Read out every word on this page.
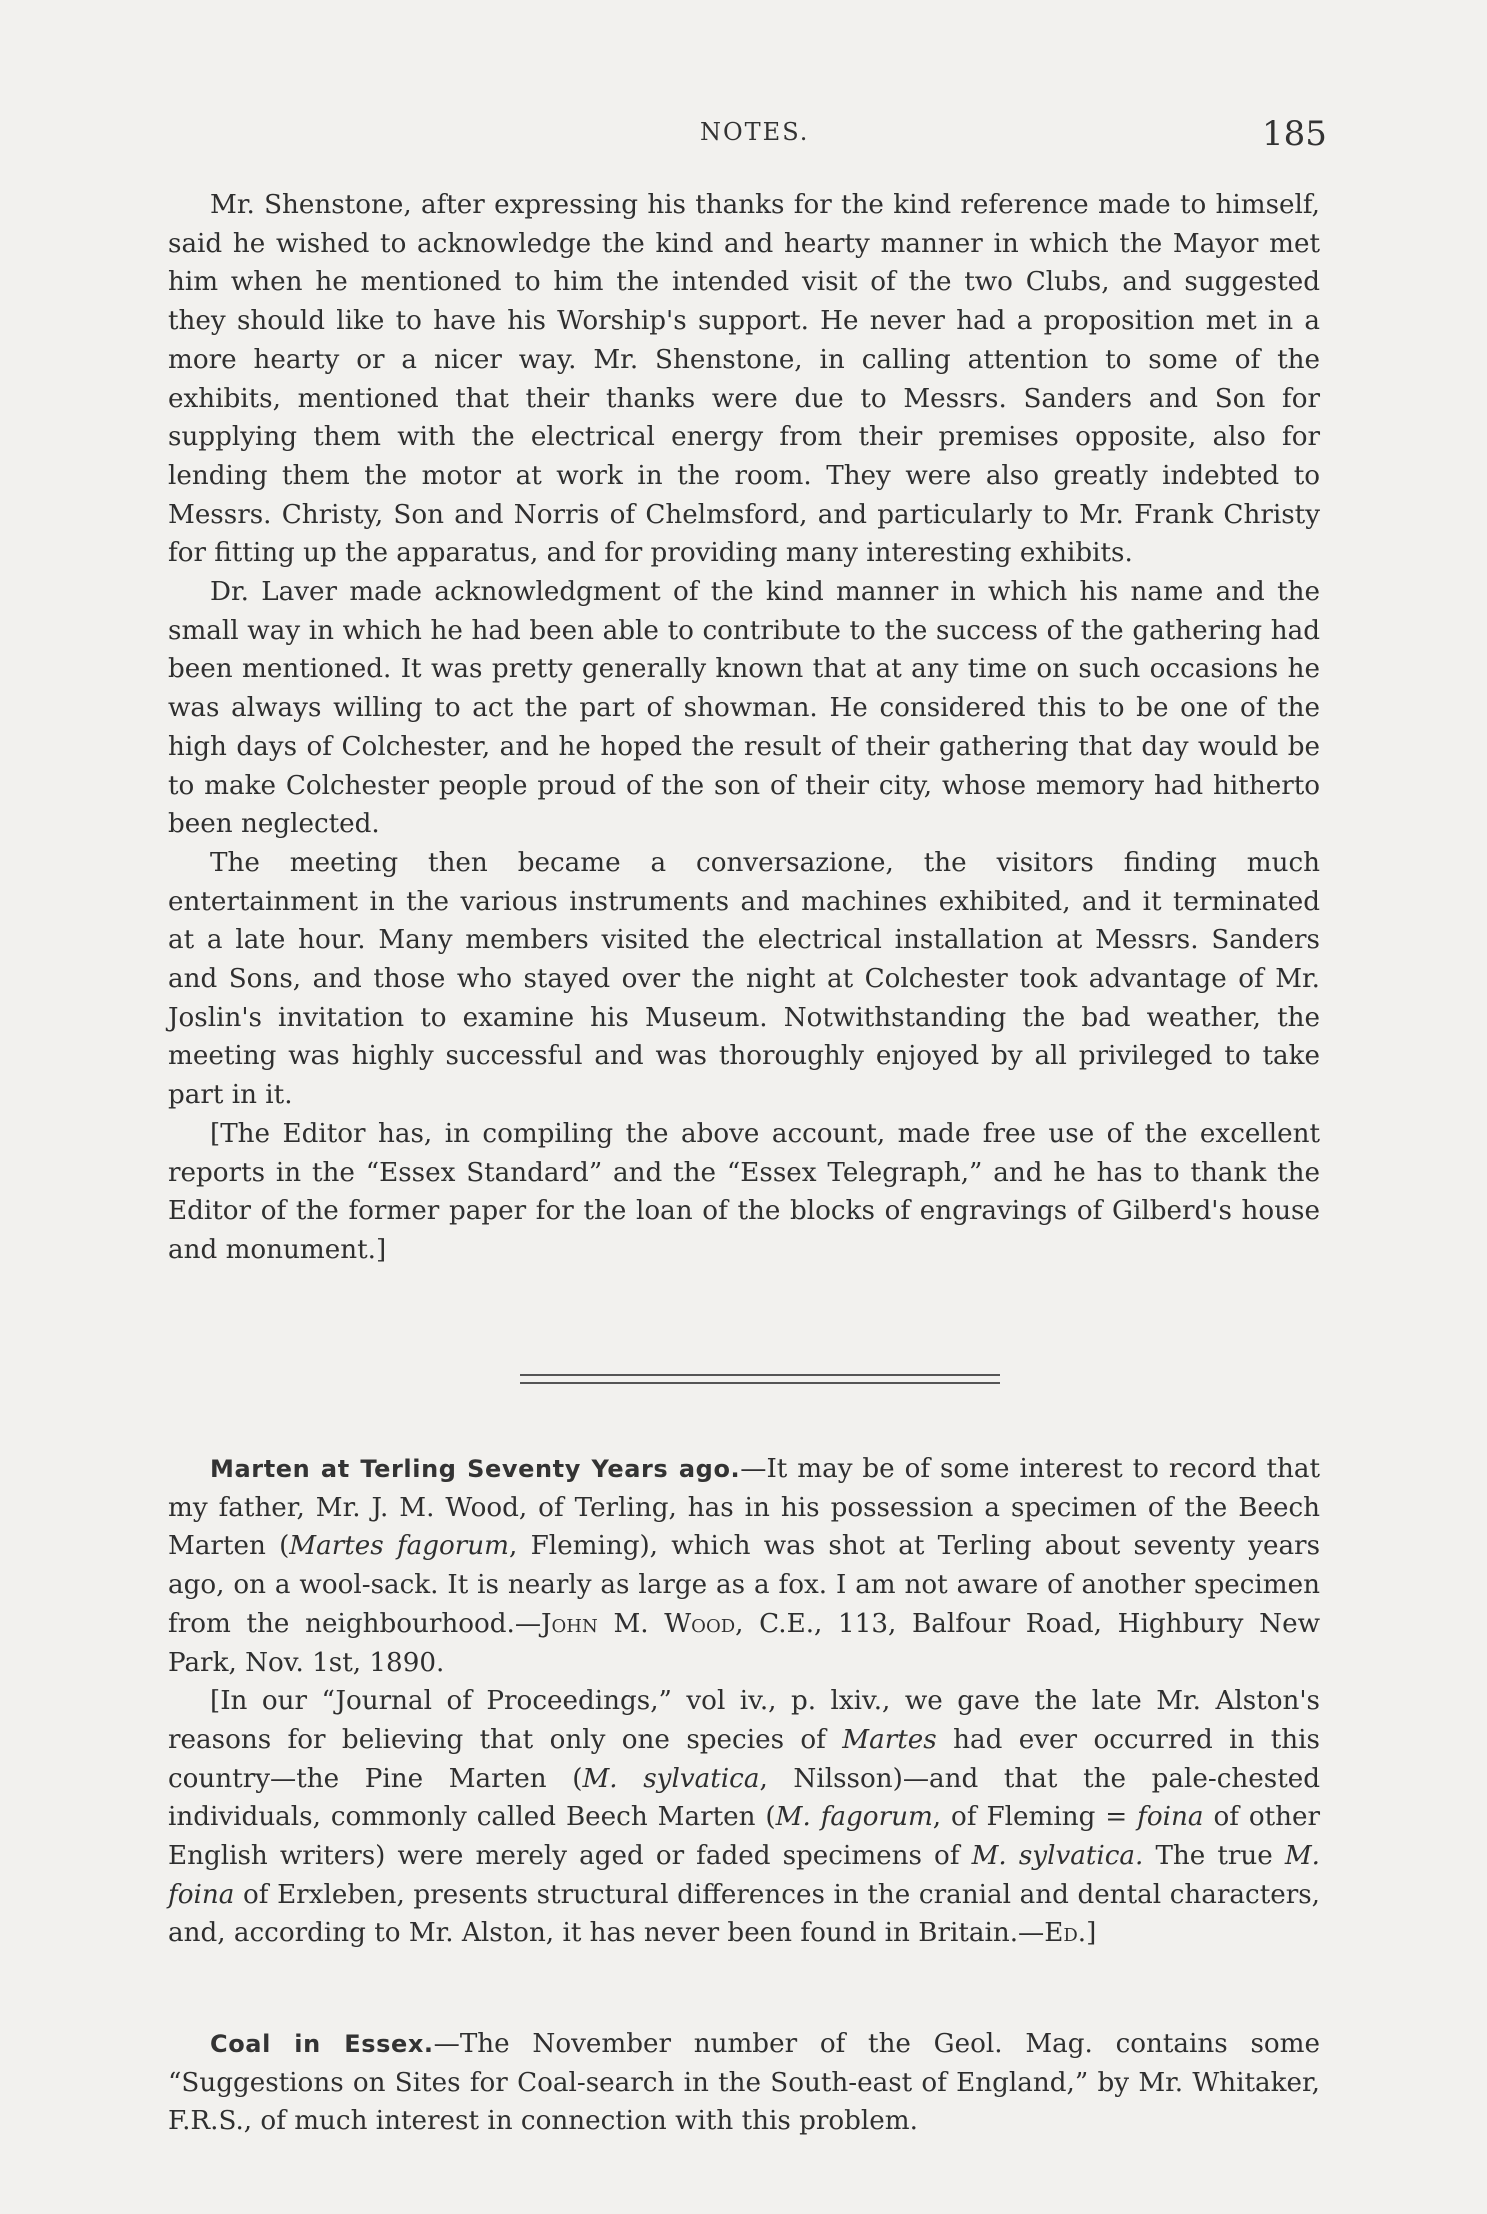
NOTES.	185

Mr. Shenstone, after expressing his thanks for the kind reference made to himself, said he wished to acknowledge the kind and hearty manner in which the Mayor met him when he mentioned to him the intended visit of the two Clubs, and suggested they should like to have his Worship's support. He never had a proposition met in a more hearty or a nicer way. Mr. Shenstone, in calling attention to some of the exhibits, mentioned that their thanks were due to Messrs. Sanders and Son for supplying them with the electrical energy from their premises opposite, also for lending them the motor at work in the room. They were also greatly indebted to Messrs. Christy, Son and Norris of Chelmsford, and particularly to Mr. Frank Christy for fitting up the apparatus, and for providing many interesting exhibits.

Dr. Laver made acknowledgment of the kind manner in which his name and the small way in which he had been able to contribute to the success of the gathering had been mentioned. It was pretty generally known that at any time on such occasions he was always willing to act the part of showman. He considered this to be one of the high days of Colchester, and he hoped the result of their gathering that day would be to make Colchester people proud of the son of their city, whose memory had hitherto been neglected.

The meeting then became a conversazione, the visitors finding much entertainment in the various instruments and machines exhibited, and it terminated at a late hour. Many members visited the electrical installation at Messrs. Sanders and Sons, and those who stayed over the night at Colchester took advantage of Mr. Joslin's invitation to examine his Museum. Notwithstanding the bad weather, the meeting was highly successful and was thoroughly enjoyed by all privileged to take part in it.

[The Editor has, in compiling the above account, made free use of the excellent reports in the “Essex Standard” and the “Essex Telegraph,” and he has to thank the Editor of the former paper for the loan of the blocks of engravings of Gilberd's house and monument.]

Marten at Terling Seventy Years ago.—It may be of some interest to record that my father, Mr. J. M. Wood, of Terling, has in his possession a specimen of the Beech Marten (Martes fagorum, Fleming), which was shot at Terling about seventy years ago, on a wool-sack. It is nearly as large as a fox. I am not aware of another specimen from the neighbourhood.—John M. Wood, C.E., 113, Balfour Road, Highbury New Park, Nov. 1st, 1890.

[In our “Journal of Proceedings,” vol iv., p. lxiv., we gave the late Mr. Alston's reasons for believing that only one species of Martes had ever occurred in this country—the Pine Marten (M. sylvatica, Nilsson)—and that the pale-chested individuals, commonly called Beech Marten (M. fagorum, of Fleming = foina of other English writers) were merely aged or faded specimens of M. sylvatica. The true M. foina of Erxleben, presents structural differences in the cranial and dental characters, and, according to Mr. Alston, it has never been found in Britain.—Ed.]

Coal in Essex.—The November number of the Geol. Mag. contains some “Suggestions on Sites for Coal-search in the South-east of England,” by Mr. Whitaker, F.R.S., of much interest in connection with this problem.
